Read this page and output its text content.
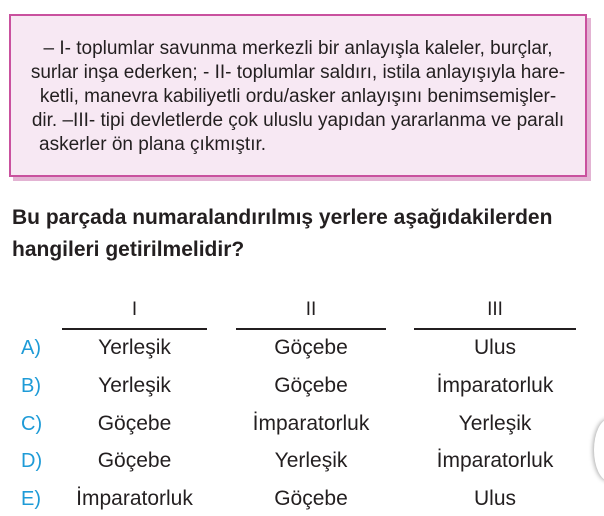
– I- toplumlar savunma merkezli bir anlayışla kaleler, burçlar,
surlar inşa ederken; - II- toplumlar saldırı, istila anlayışıyla hare-
ketli, manevra kabiliyetli ordu/asker anlayışını benimsemişler-
dir. –III- tipi devletlerde çok uluslu yapıdan yararlanma ve paralı
askerler ön plana çıkmıştır.
Bu parçada numaralandırılmış yerlere aşağıdakilerden
hangileri getirilmelidir?
I	II	III
A)	Yerleşik	Göçebe	Ulus
B)	Yerleşik	Göçebe	İmparatorluk
C)	Göçebe	İmparatorluk	Yerleşik
D)	Göçebe	Yerleşik	İmparatorluk
E)	İmparatorluk	Göçebe	Ulus
